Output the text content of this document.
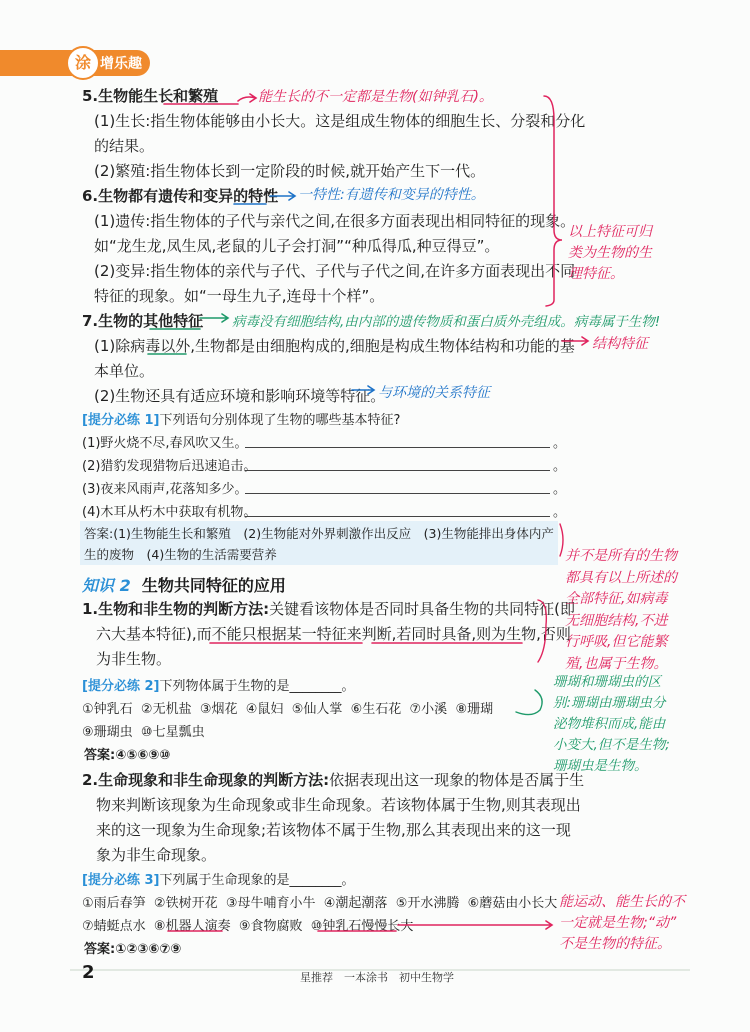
涂 增乐趣
5.生物能生长和繁殖
(1)生长:指生物体能够由小长大。这是组成生物体的细胞生长、分裂和分化
的结果。
(2)繁殖:指生物体长到一定阶段的时候,就开始产生下一代。
6.生物都有遗传和变异的特性
(1)遗传:指生物体的子代与亲代之间,在很多方面表现出相同特征的现象。
如“龙生龙,凤生凤,老鼠的儿子会打洞”“种瓜得瓜,种豆得豆”。
(2)变异:指生物体的亲代与子代、子代与子代之间,在许多方面表现出不同
特征的现象。如“一母生九子,连母十个样”。
7.生物的其他特征
(1)除病毒以外,生物都是由细胞构成的,细胞是构成生物体结构和功能的基
本单位。
(2)生物还具有适应环境和影响环境等特征。
[提分必练 1]下列语句分别体现了生物的哪些基本特征?
(1)野火烧不尽,春风吹又生。	。
(2)猎豹发现猎物后迅速追击。	。
(3)夜来风雨声,花落知多少。	。
(4)木耳从朽木中获取有机物。	。
答案:(1)生物能生长和繁殖　(2)生物能对外界刺激作出反应　(3)生物能排出身体内产
生的废物　(4)生物的生活需要营养
知识 2 生物共同特征的应用
1.生物和非生物的判断方法:关键看该物体是否同时具备生物的共同特征(即
六大基本特征),而不能只根据某一特征来判断,若同时具备,则为生物,否则
为非生物。
[提分必练 2]下列物体属于生物的是________。
①钟乳石 ②无机盐 ③烟花 ④鼠妇 ⑤仙人掌 ⑥生石花 ⑦小溪 ⑧珊瑚
⑨珊瑚虫 ⑩七星瓢虫
答案:④⑤⑥⑨⑩
2.生命现象和非生命现象的判断方法:依据表现出这一现象的物体是否属于生
物来判断该现象为生命现象或非生命现象。若该物体属于生物,则其表现出
来的这一现象为生命现象;若该物体不属于生物,那么其表现出来的这一现
象为非生命现象。
[提分必练 3]下列属于生命现象的是________。
①雨后春笋 ②铁树开花 ③母牛哺育小牛 ④潮起潮落 ⑤开水沸腾 ⑥蘑菇由小长大
⑦蜻蜓点水 ⑧机器人演奏 ⑨食物腐败 ⑩钟乳石慢慢长大
答案:①②③⑥⑦⑨
能生长的不一定都是生物(如钟乳石)。
一特性:有遗传和变异的特性。
以上特征可归
类为生物的生
理特征。
病毒没有细胞结构,由内部的遗传物质和蛋白质外壳组成。病毒属于生物!
结构特征
与环境的关系特征
并不是所有的生物
都具有以上所述的
全部特征,如病毒
无细胞结构,不进
行呼吸,但它能繁
殖,也属于生物。
珊瑚和珊瑚虫的区
别:珊瑚由珊瑚虫分
泌物堆积而成,能由
小变大,但不是生物;
珊瑚虫是生物。
能运动、能生长的不
一定就是生物;“动”
不是生物的特征。
2	星推荐　一本涂书　初中生物学
